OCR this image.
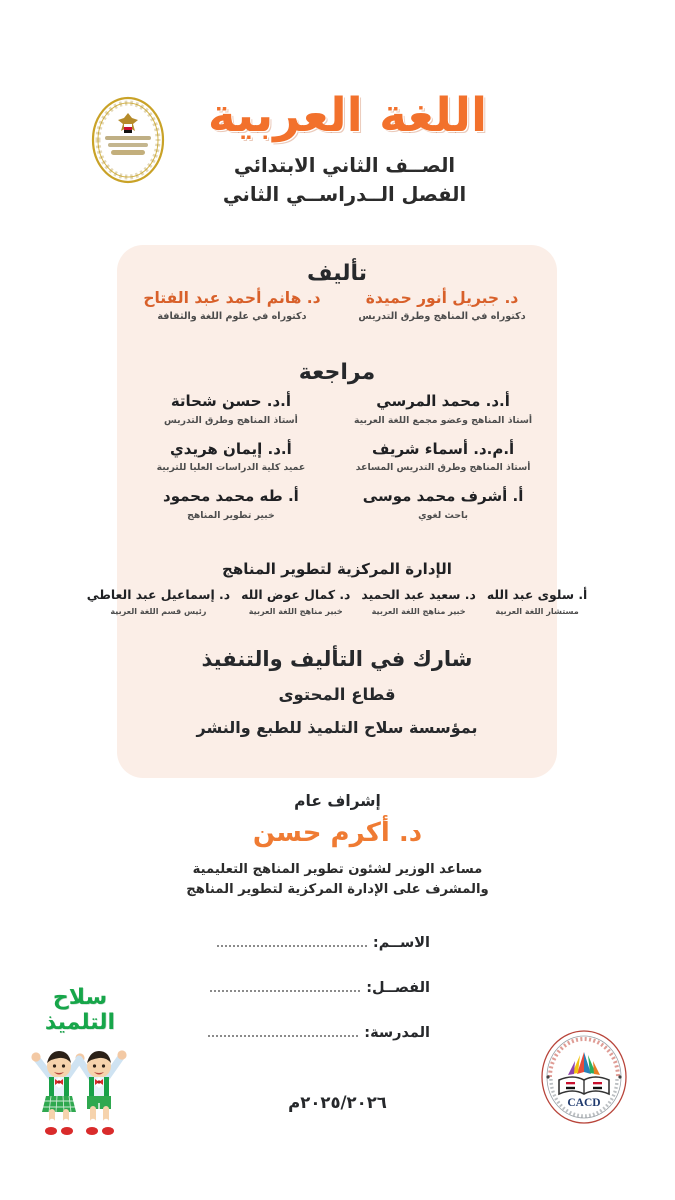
اللغة العربية
الصــف الثاني الابتدائي
الفصل الــدراســي الثاني
تأليف
د. جبريل أنور حميدة
دكتوراه في المناهج وطرق التدريس
د. هانم أحمد عبد الفتاح
دكتوراه في علوم اللغة والثقافة
مراجعة
أ.د. محمد المرسي
أستاذ المناهج وعضو مجمع اللغة العربية
أ.د. حسن شحاتة
أستاذ المناهج وطرق التدريس
أ.م.د. أسماء شريف
أستاذ المناهج وطرق التدريس المساعد
أ.د. إيمان هريدي
عميد كلية الدراسات العليا للتربية
أ. أشرف محمد موسى
باحث لغوي
أ. طه محمد محمود
خبير تطوير المناهج
الإدارة المركزية لتطوير المناهج
أ. سلوى عبد الله
مستشار اللغة العربية
د. سعيد عبد الحميد
خبير مناهج اللغة العربية
د. كمال عوض الله
خبير مناهج اللغة العربية
د. إسماعيل عبد العاطي
رئيس قسم اللغة العربية
شارك في التأليف والتنفيذ
قطاع المحتوى
بمؤسسة سلاح التلميذ للطبع والنشر
إشراف عام
د. أكرم حسن
مساعد الوزير لشئون تطوير المناهج التعليمية
والمشرف على الإدارة المركزية لتطوير المناهج
الاســم:
الفصــل:
المدرسة:
سلاح التلميذ
CACD
٢٠٢٥/٢٠٢٦م
